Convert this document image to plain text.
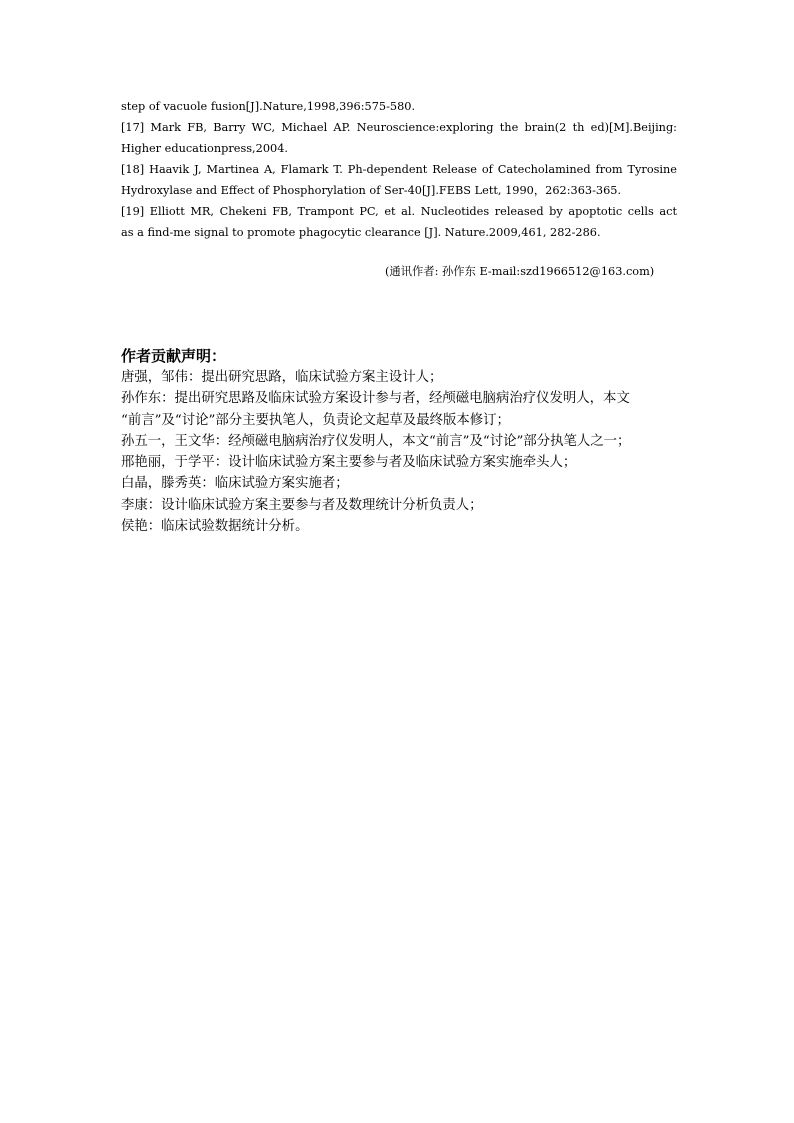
step of vacuole fusion[J].Nature,1998,396:575-580.
[17] Mark FB, Barry WC, Michael AP. Neuroscience:exploring the brain(2 th ed)[M].Beijing:
Higher educationpress,2004.
[18] Haavik J, Martinea A, Flamark T. Ph-dependent Release of Catecholamined from Tyrosine
Hydroxylase and Effect of Phosphorylation of Ser-40[J].FEBS Lett, 1990，262:363-365.
[19] Elliott MR, Chekeni FB, Trampont PC, et al. Nucleotides released by apoptotic cells act
as a find-me signal to promote phagocytic clearance [J]. Nature.2009,461, 282-286.
(通讯作者: 孙作东 E-mail:szd1966512@163.com)
作者贡献声明：
唐强，邹伟：提出研究思路，临床试验方案主设计人；
孙作东：提出研究思路及临床试验方案设计参与者，经颅磁电脑病治疗仪发明人，本文
“前言”及“讨论”部分主要执笔人，负责论文起草及最终版本修订；
孙五一，王文华：经颅磁电脑病治疗仪发明人，本文“前言”及“讨论”部分执笔人之一；
邢艳丽，于学平：设计临床试验方案主要参与者及临床试验方案实施牵头人；
白晶，滕秀英：临床试验方案实施者；
李康：设计临床试验方案主要参与者及数理统计分析负责人；
侯艳：临床试验数据统计分析。
